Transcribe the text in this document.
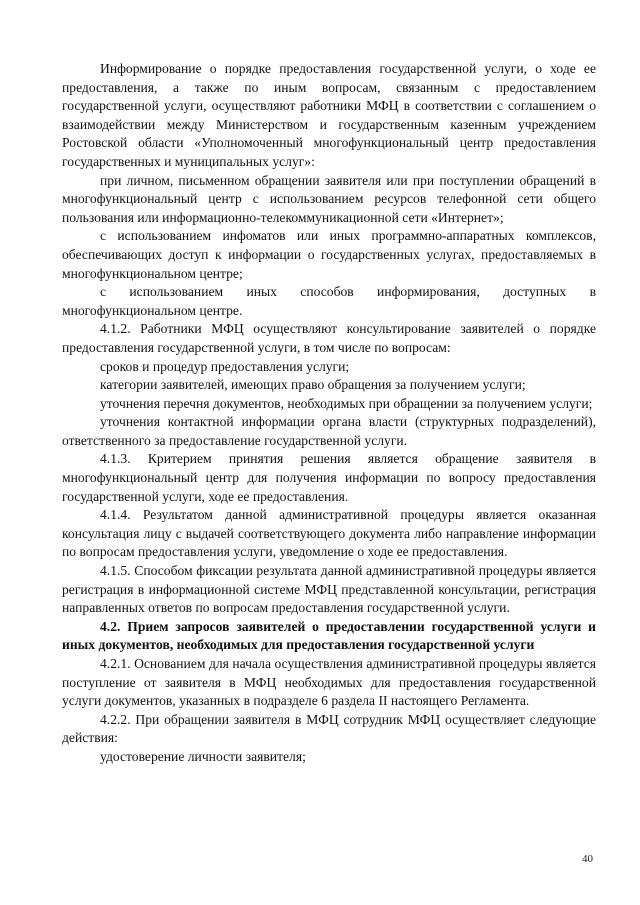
Информирование о порядке предоставления государственной услуги, о ходе ее предоставления, а также по иным вопросам, связанным с предоставлением государственной услуги, осуществляют работники МФЦ в соответствии с соглашением о взаимодействии между Министерством и государственным казенным учреждением Ростовской области «Уполномоченный многофункциональный центр предоставления государственных и муниципальных услуг»:

при личном, письменном обращении заявителя или при поступлении обращений в многофункциональный центр с использованием ресурсов телефонной сети общего пользования или информационно-телекоммуникационной сети «Интернет»;

с использованием инфоматов или иных программно-аппаратных комплексов, обеспечивающих доступ к информации о государственных услугах, предоставляемых в многофункциональном центре;

с использованием иных способов информирования, доступных в многофункциональном центре.

4.1.2. Работники МФЦ осуществляют консультирование заявителей о порядке предоставления государственной услуги, в том числе по вопросам:

сроков и процедур предоставления услуги;

категории заявителей, имеющих право обращения за получением услуги;

уточнения перечня документов, необходимых при обращении за получением услуги;

уточнения контактной информации органа власти (структурных подразделений), ответственного за предоставление государственной услуги.

4.1.3. Критерием принятия решения является обращение заявителя в многофункциональный центр для получения информации по вопросу предоставления государственной услуги, ходе ее предоставления.

4.1.4. Результатом данной административной процедуры является оказанная консультация лицу с выдачей соответствующего документа либо направление информации по вопросам предоставления услуги, уведомление о ходе ее предоставления.

4.1.5. Способом фиксации результата данной административной процедуры является регистрация в информационной системе МФЦ представленной консультации, регистрация направленных ответов по вопросам предоставления государственной услуги.

4.2. Прием запросов заявителей о предоставлении государственной услуги и иных документов, необходимых для предоставления государственной услуги

4.2.1. Основанием для начала осуществления административной процедуры является поступление от заявителя в МФЦ необходимых для предоставления государственной услуги документов, указанных в подразделе 6 раздела II настоящего Регламента.

4.2.2. При обращении заявителя в МФЦ сотрудник МФЦ осуществляет следующие действия:

удостоверение личности заявителя;

40
